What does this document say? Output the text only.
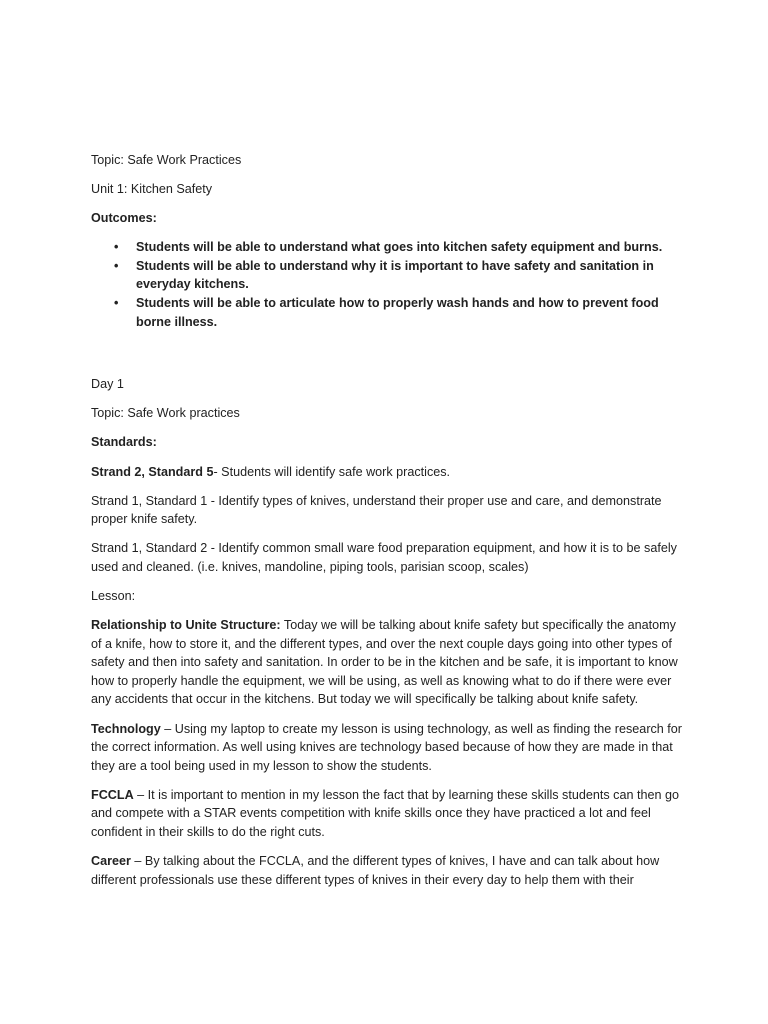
Topic: Safe Work Practices

Unit 1: Kitchen Safety

Outcomes:

• Students will be able to understand what goes into kitchen safety equipment and burns.
• Students will be able to understand why it is important to have safety and sanitation in everyday kitchens.
• Students will be able to articulate how to properly wash hands and how to prevent food borne illness.

Day 1

Topic: Safe Work practices

Standards:

Strand 2, Standard 5- Students will identify safe work practices.

Strand 1, Standard 1 - Identify types of knives, understand their proper use and care, and demonstrate proper knife safety.

Strand 1, Standard 2 - Identify common small ware food preparation equipment, and how it is to be safely used and cleaned. (i.e. knives, mandoline, piping tools, parisian scoop, scales)

Lesson:

Relationship to Unite Structure: Today we will be talking about knife safety but specifically the anatomy of a knife, how to store it, and the different types, and over the next couple days going into other types of safety and then into safety and sanitation. In order to be in the kitchen and be safe, it is important to know how to properly handle the equipment, we will be using, as well as knowing what to do if there were ever any accidents that occur in the kitchens. But today we will specifically be talking about knife safety.

Technology – Using my laptop to create my lesson is using technology, as well as finding the research for the correct information. As well using knives are technology based because of how they are made in that they are a tool being used in my lesson to show the students.

FCCLA – It is important to mention in my lesson the fact that by learning these skills students can then go and compete with a STAR events competition with knife skills once they have practiced a lot and feel confident in their skills to do the right cuts.

Career – By talking about the FCCLA, and the different types of knives, I have and can talk about how different professionals use these different types of knives in their every day to help them with their
